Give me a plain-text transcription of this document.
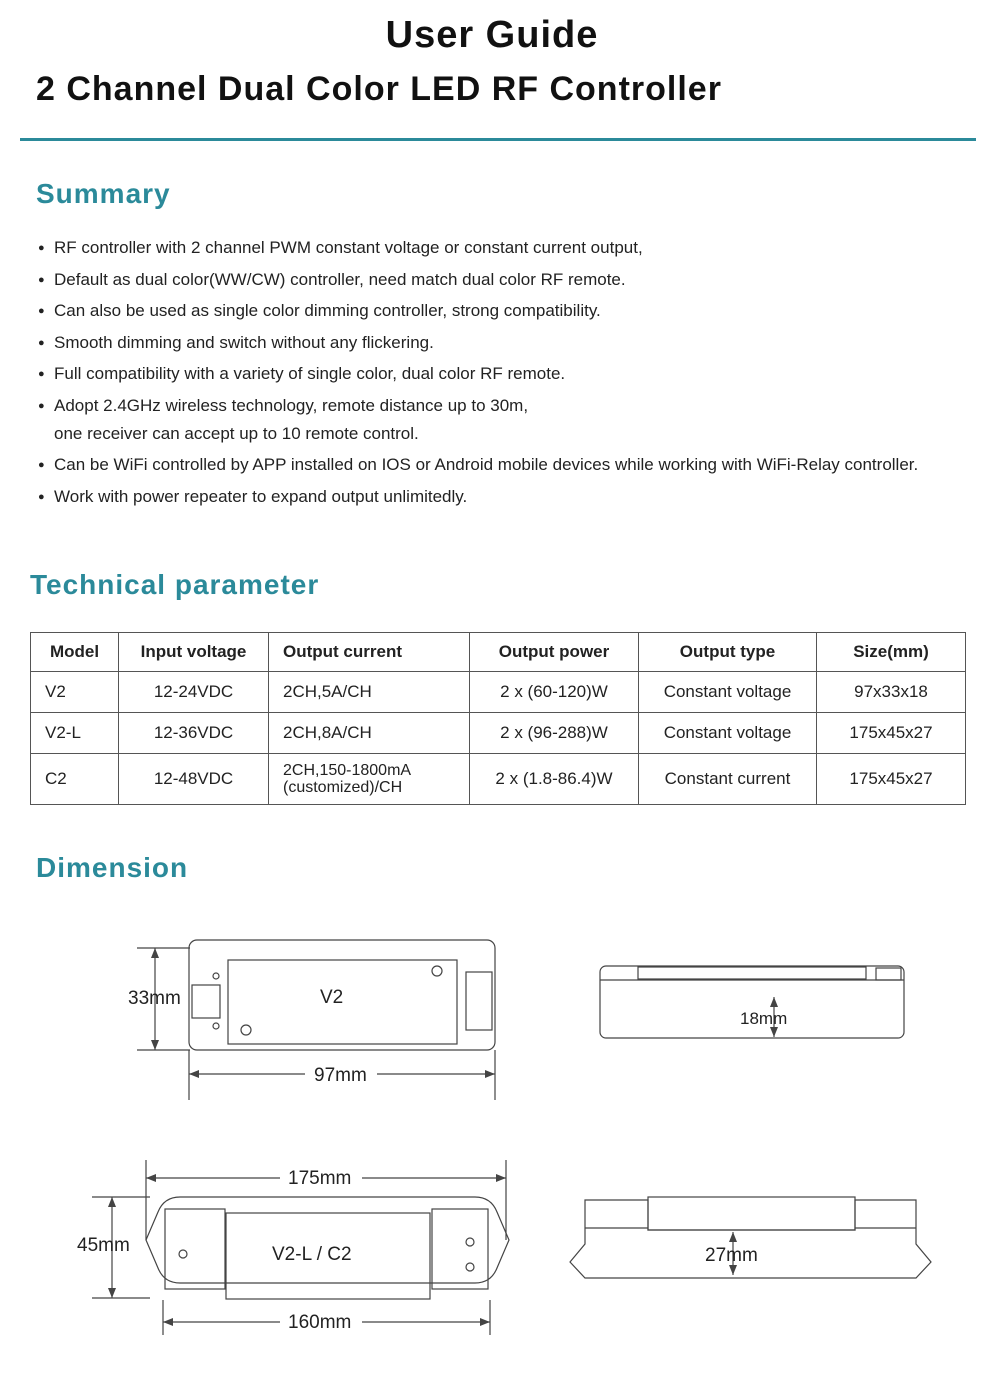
User Guide
2 Channel Dual Color LED RF Controller
Summary
● RF controller with 2 channel PWM constant voltage or constant current output,
● Default as dual color(WW/CW) controller, need match dual color RF remote.
● Can also be used as single color dimming controller, strong compatibility.
● Smooth dimming and switch without any flickering.
● Full compatibility with a variety of single color, dual color RF remote.
● Adopt 2.4GHz wireless technology, remote distance up to 30m,
one receiver can accept up to 10 remote control.
● Can be WiFi controlled by APP installed on IOS or Android mobile devices while working with WiFi-Relay controller.
● Work with power repeater to expand output unlimitedly.
Technical parameter
Model	Input voltage	Output current	Output power	Output type	Size(mm)
V2	12-24VDC	2CH,5A/CH	2 x (60-120)W	Constant voltage	97x33x18
V2-L	12-36VDC	2CH,8A/CH	2 x (96-288)W	Constant voltage	175x45x27
C2	12-48VDC	2CH,150-1800mA
(customized)/CH	2 x (1.8-86.4)W	Constant current	175x45x27
Dimension
V2
33mm
97mm
18mm
V2-L / C2
45mm
175mm
160mm
27mm
